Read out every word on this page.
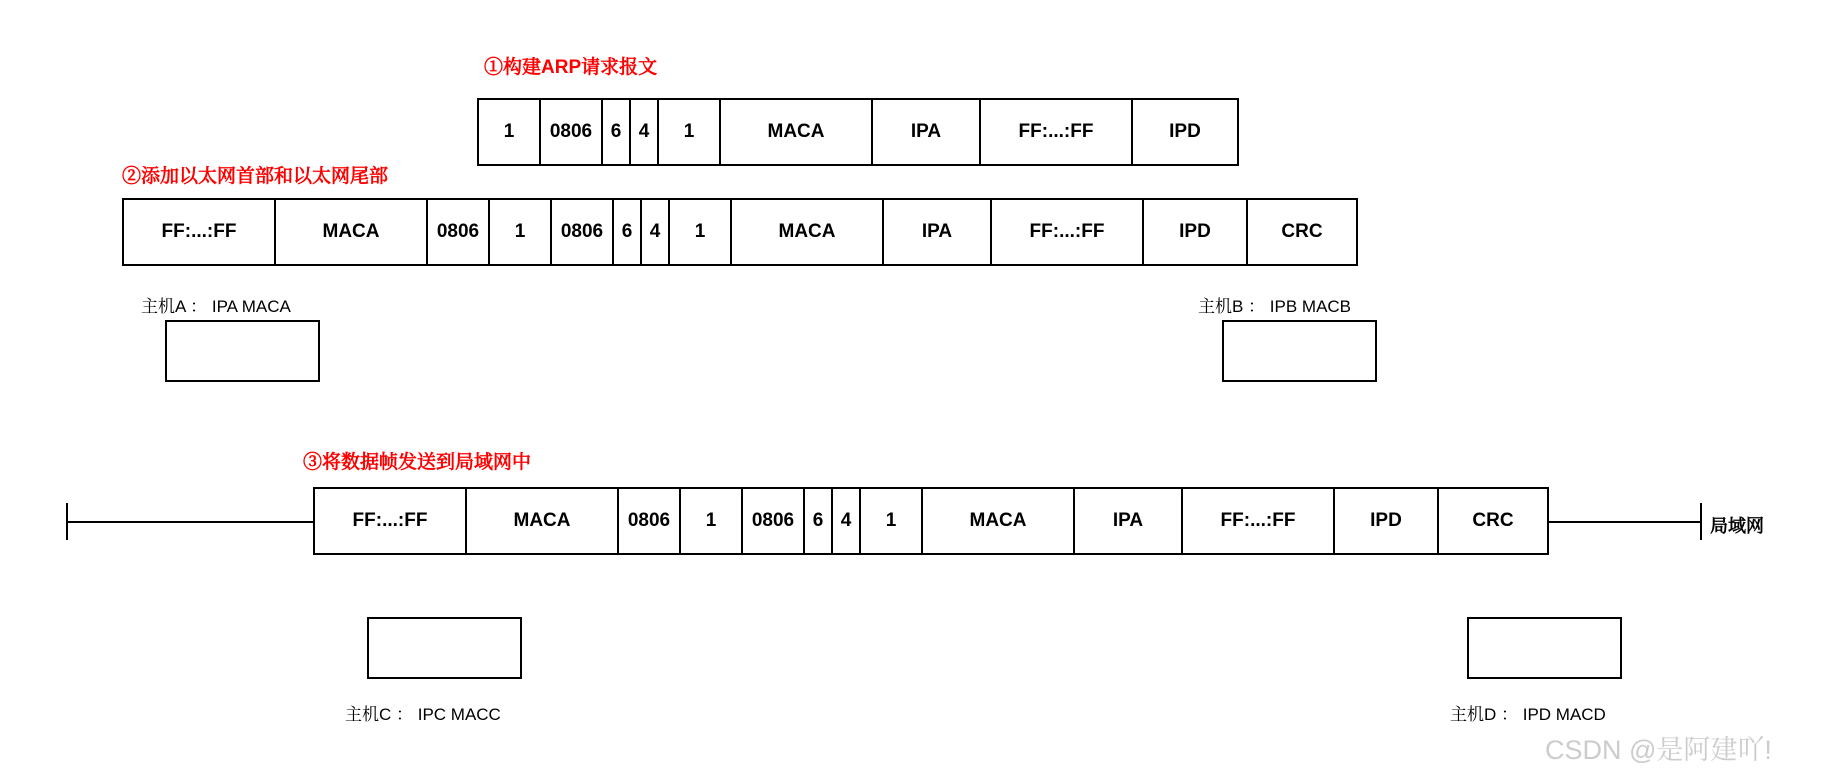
①构建ARP请求报文
1	0806 6 4	1	MACA	IPA	FF:...:FF	IPD
②添加以太网首部和以太网尾部
FF:...:FF	MACA	0806	1	0806 6 4	1	MACA	IPA	FF:...:FF	IPD	CRC
主机A ： IPA MACA	主机B ： IPB MACB
③将数据帧发送到局域网中
局域网
FF:...:FF	MACA	0806	1	0806 6 4	1	MACA	IPA	FF:...:FF	IPD	CRC
主机C ： IPC MACC	主机D ： IPD MACD
CSDN @是阿建吖!
